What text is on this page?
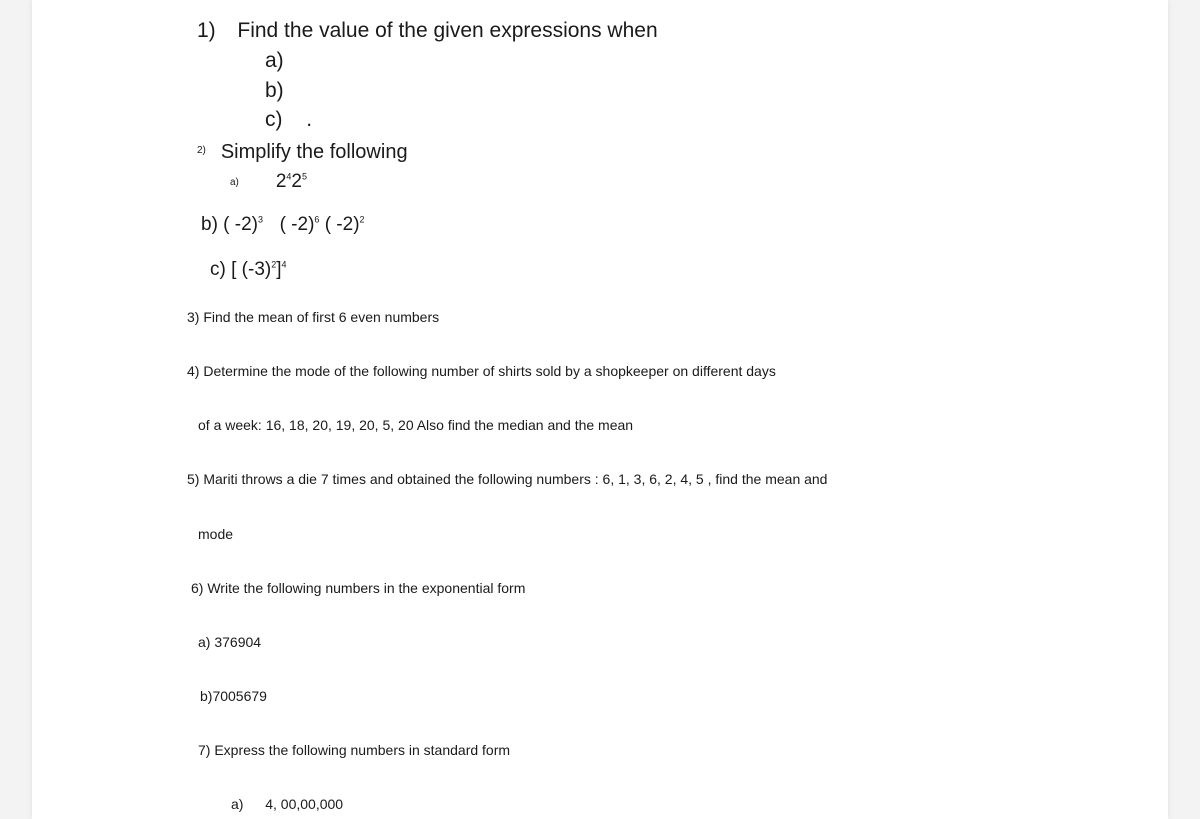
1) Find the value of the given expressions when
a)
b)
c) .
$^{2)}$ Simplify the following
a) $2^42^5$
b) ( -2)$^3$ ( -2)$^6$ ( -2)$^2$
c) [ $(-3)^2]^4$
3) Find the mean of first 6 even numbers
4) Determine the mode of the following number of shirts sold by a shopkeeper on different days
of a week: 16, 18, 20, 19, 20, 5, 20 Also find the median and the mean
5) Mariti throws a die 7 times and obtained the following numbers : 6, 1, 3, 6, 2, 4, 5 , find the mean and
mode
6) Write the following numbers in the exponential form
a) 376904
b)7005679
7) Express the following numbers in standard form
a) 4, 00,00,000
